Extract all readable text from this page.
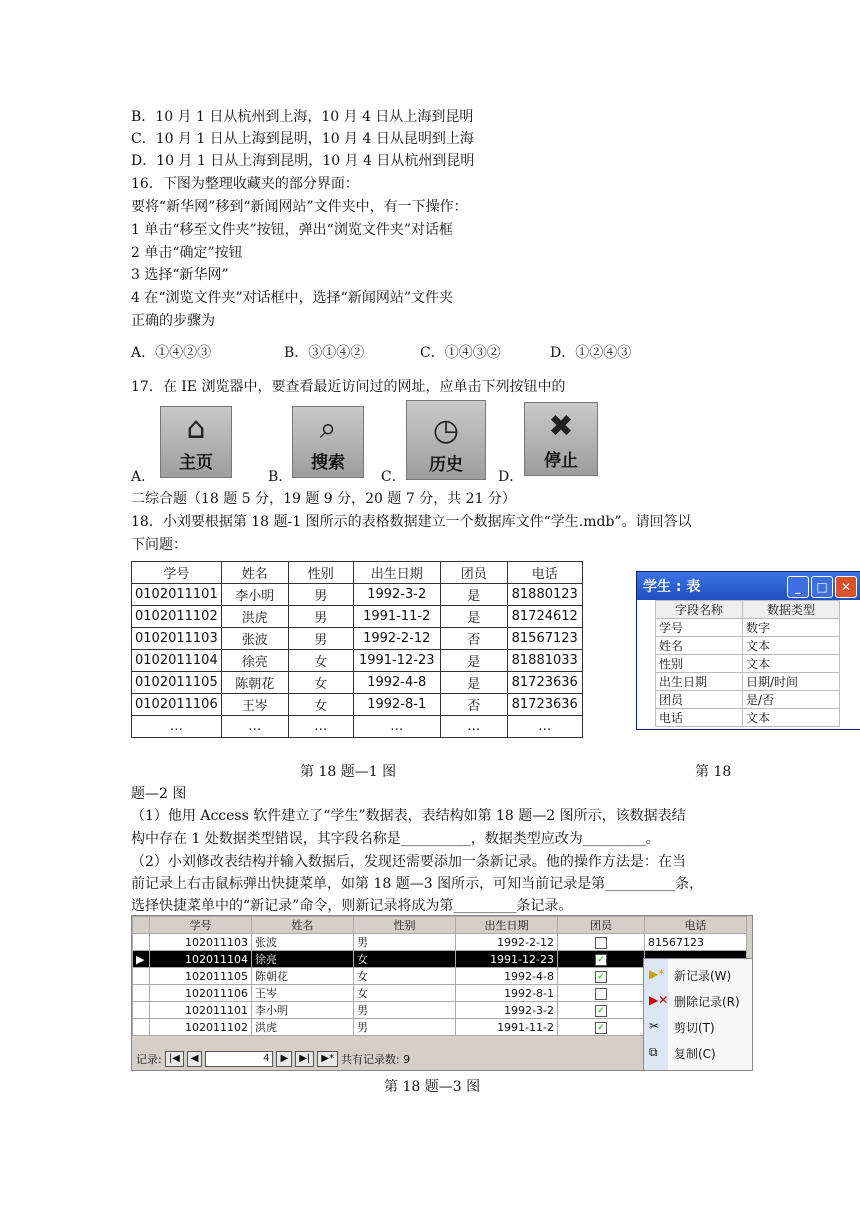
B．10 月 1 日从杭州到上海，10 月 4 日从上海到昆明
C．10 月 1 日从上海到昆明，10 月 4 日从昆明到上海
D．10 月 1 日从上海到昆明，10 月 4 日从杭州到昆明
16．下图为整理收藏夹的部分界面：
要将“新华网”移到“新闻网站”文件夹中，有一下操作：
1 单击“移至文件夹”按钮，弹出“浏览文件夹”对话框
2 单击“确定”按钮
3 选择“新华网”
4 在“浏览文件夹”对话框中，选择“新闻网站”文件夹
正确的步骤为
A．①④②③	B．③①④②	C．①④③②	D．①②④③
17．在 IE 浏览器中，要查看最近访问过的网址，应单击下列按钮中的
A．
⌂
主页
B．
⌕
搜索
C．
◷
历史
D．
✖
停止
二综合题（18 题 5 分，19 题 9 分，20 题 7 分，共 21 分）
18．小刘要根据第 18 题-1 图所示的表格数据建立一个数据库文件“学生.mdb”。请回答以
下问题：
学号	姓名	性别	出生日期	团员	电话
0102011101	李小明	男	1992-3-2	是	81880123
0102011102	洪虎	男	1991-11-2	是	81724612
0102011103	张波	男	1992-2-12	否	81567123
0102011104	徐亮	女	1991-12-23	是	81881033
0102011105	陈朝花	女	1992-4-8	是	81723636
0102011106	王岑	女	1992-8-1	否	81723636
…	…	…	…	…	…
学生 : 表	_	□	✕
字段名称	数据类型
学号	数字
姓名	文本
性别	文本
出生日期	日期/时间
团员	是/否
电话	文本
第 18 题—1 图	第 18
题—2 图
（1）他用 Access 软件建立了“学生”数据表，表结构如第 18 题—2 图所示，该数据表结
构中存在 1 处数据类型错误，其字段名称是__________，数据类型应改为_________。
（2）小刘修改表结构并输入数据后，发现还需要添加一条新记录。他的操作方法是：在当
前记录上右击鼠标弹出快捷菜单，如第 18 题—3 图所示，可知当前记录是第__________条，
选择快捷菜单中的“新记录”命令，则新记录将成为第_________条记录。
	学号	姓名	性别	出生日期	团员	电话
	102011103	张波	男	1992-2-12		81567123
▶	102011104	徐亮	女	1991-12-23	✓	
	102011105	陈朝花	女	1992-4-8	✓	
	102011106	王岑	女	1992-8-1		
	102011101	李小明	男	1992-3-2	✓	
	102011102	洪虎	男	1991-11-2	✓	
记录: |◀	◀	4	▶	▶|	▶* 共有记录数: 9
▶* 新记录(W)
▶✕ 删除记录(R)
✂ 剪切(T)
⧉ 复制(C)
第 18 题—3 图
